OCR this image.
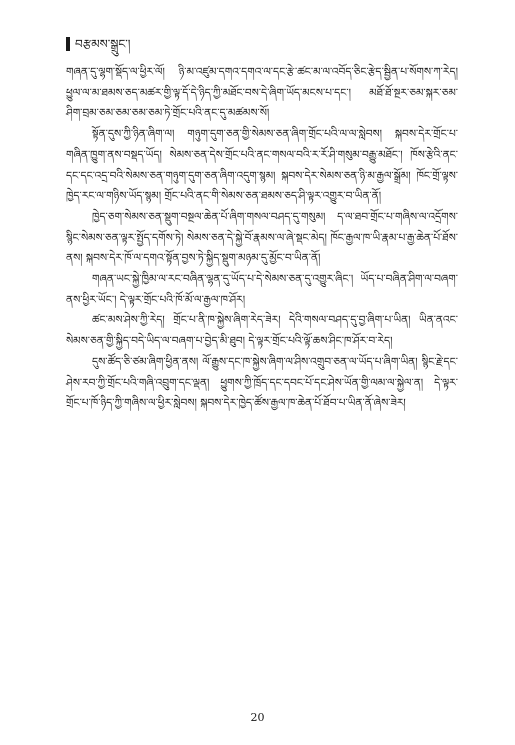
བརྩམས་སྒྲུང་།

གཞན་དུ་ལྷག་སྡོད་ལ་ཕྱིར་ལོ། ཉི་མ་འཛུམ་དགའ་དགའ་ལ་དང་རྩེ་ཚང་མ་ལ་འབོད་ཅིང་རྩེད་སྦྱིན་པ་སོགས་ཀ་རེད། ཕྱུལ་ལ་མ་ཐམས་ཅད་མཚར་གྱི་ལྟ་དོ་དེ་ཉིད་ཀྱི་མཐོང་བས་དེ་ཞིག་ཡོད་མངས་པ་དང་། མཐོ་ཐོ་སྔར་ཅམ་སྐར་ཅམ་ཤིག་བྲམ་ཅམ་ཅམ་ཅམ་ཅམ་ཏེ་གྲོང་པའི་ནང་དུ་མཚམས་སོ།

སྟོན་དུས་ཀྱི་ཉིན་ཞིག་ལ། གཉུག་དུག་ཅན་གྱི་སེམས་ཅན་ཞིག་གྲོང་པའི་ལ་ལ་སླེབས། སྐབས་དེར་གྲོང་པ་གཞིན་ཁྱུག་ནས་བསྡད་ཡོད། སེམས་ཅན་དེས་གྲོང་པའི་ནང་གསལ་བའི་ར་རོ་ཤི་གསུམ་བརྒྱུ་མཐོང་། ཁོས་རྩེའི་ནང་དང་དང་འདྲ་བའི་སེམས་ཅན་གཉུག་དུག་ཅན་ཞིག་འདུག་སྙམ། སྐབས་དེར་སེམས་ཅན་ཉི་མ་རྒྱལ་སྒྲོམ། ཁོང་གྲོ་ལྟས་ཁྱེད་རང་ལ་གཉིས་ཡོད་སྙམ། གྲོང་པའི་ནང་གི་སེམས་ཅན་ཐམས་ཅད་ཤི་ལྟར་འགྱུར་བ་ཡིན་ནོ།

ཁྱེད་ཅག་སེམས་ཅན་སྡུག་བསྔལ་ཆེན་པོ་ཞིག་གསལ་བཤད་དུ་གསུམ། ད་ལ་ཐབ་གྲོང་པ་གཞིས་ལ་འདྲོགས་སྙིང་སེམས་ཅན་ལྟར་སྤྱོད་དགོས་ཏེ། སེམས་ཅན་དེ་སྐྱེ་བོ་རྣམས་ལ་ཞེ་སྡང་མེད། ཁོང་རྒྱལ་ཁ་ཡི་རྣམ་པ་རྒྱ་ཆེན་པོ་ཐོས་ནས། སྐབས་དེར་ཁོ་ལ་དགའ་སྟོན་བྱས་ཏེ་སྐྱིད་སྡུག་མཉམ་དུ་མྱོང་བ་ཡིན་ནོ།

གཞན་ཡང་སྐྱེ་ཁྱིམ་ལ་རང་བཞིན་ལྷན་དུ་ཡོད་པ་དེ་སེམས་ཅན་དུ་འགྱུར་ཞིང་། ཡོད་པ་བཞིན་ཤིག་ལ་བཞག་ནས་ཕྱིར་ཡོང་། དེ་ལྟར་གྲོང་པའི་ཁོ་མོ་ལ་རྒྱལ་ཁ་ཤོར།

ཚང་མས་ཤེས་ཀྱི་རེད། གྲོང་པ་ནི་ཁ་སྐྱེས་ཞིག་རེད་ཟེར། དེའི་གསལ་བཤད་དུ་བྱ་ཞིག་པ་ཡིན། ཡིན་ནའང་སེམས་ཅན་གྱི་སྐྱིད་བདེ་ཡིད་ལ་བཞག་པ་བྱེད་མི་ཐུབ། དེ་ལྟར་གྲོང་པའི་ལྟོ་ཆས་ཤིང་ཁ་ཤོར་བ་རེད།

དུས་ཚོད་ཅི་ཙམ་ཞིག་ཕྱིན་ནས། ལོ་རྒྱུས་དང་ཁ་སྐྱེས་ཞིག་ལ་ཤིས་འགྲུབ་ཅན་ལ་ཡོད་པ་ཞིག་ཡིན། སྙིང་རྗེ་དང་ཤེས་རབ་ཀྱི་གྲོང་པའི་གཞི་འབྲུག་དང་ལྡན། ཕྱུགས་ཀྱི་ཁྲོད་དང་དབང་པོ་དང་ཤེས་ཡོན་གྱི་ལམ་ལ་སྐྱེལ་ན། དེ་ལྟར་གྲོང་པ་ཁོ་ཉིད་ཀྱི་གཞིས་ལ་ཕྱིར་སླེབས། སྐབས་དེར་ཁྱེད་ཚོས་རྒྱལ་ཁ་ཆེན་པོ་ཐོབ་པ་ཡིན་ནོ་ཞེས་ཟེར།

20
